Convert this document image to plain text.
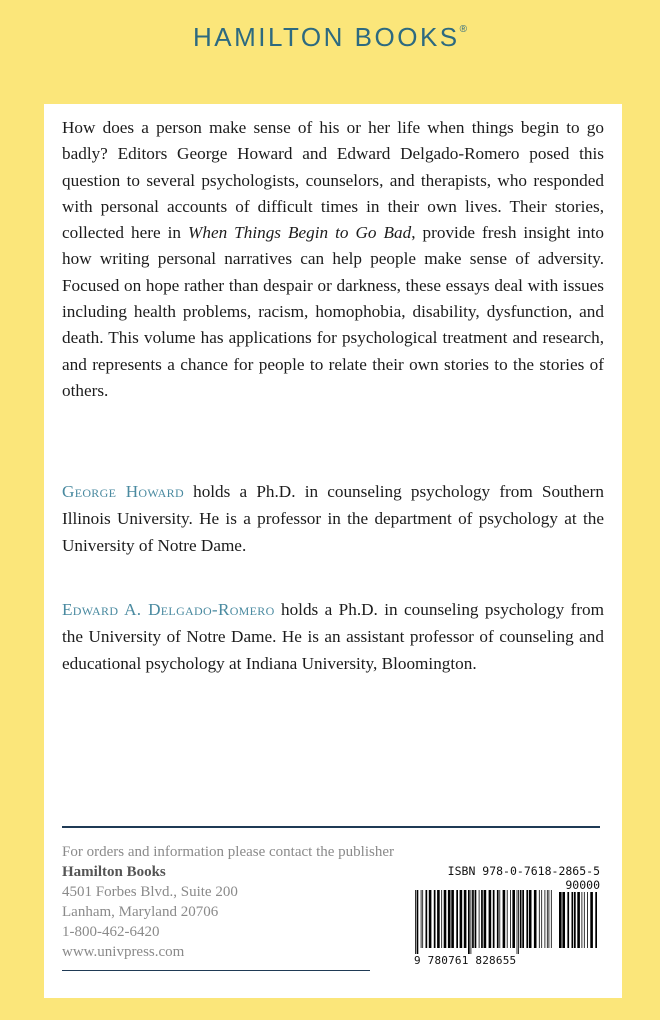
HAMILTON BOOKS®

How does a person make sense of his or her life when things begin to go badly? Editors George Howard and Edward Delgado-Romero posed this question to several psychologists, counselors, and therapists, who responded with personal accounts of difficult times in their own lives. Their stories, collected here in When Things Begin to Go Bad, provide fresh insight into how writing personal narratives can help people make sense of adversity. Focused on hope rather than despair or darkness, these essays deal with issues including health problems, racism, homophobia, disability, dysfunction, and death. This volume has applications for psychological treatment and research, and represents a chance for people to relate their own stories to the stories of others.

George Howard holds a Ph.D. in counseling psychology from Southern Illinois University. He is a professor in the department of psychology at the University of Notre Dame.

Edward A. Delgado-Romero holds a Ph.D. in counseling psychology from the University of Notre Dame. He is an assistant professor of counseling and educational psychology at Indiana University, Bloomington.

For orders and information please contact the publisher
Hamilton Books
4501 Forbes Blvd., Suite 200
Lanham, Maryland 20706
1-800-462-6420
www.univpress.com
ISBN 978-0-7618-2865-5
90000
9 780761 828655
